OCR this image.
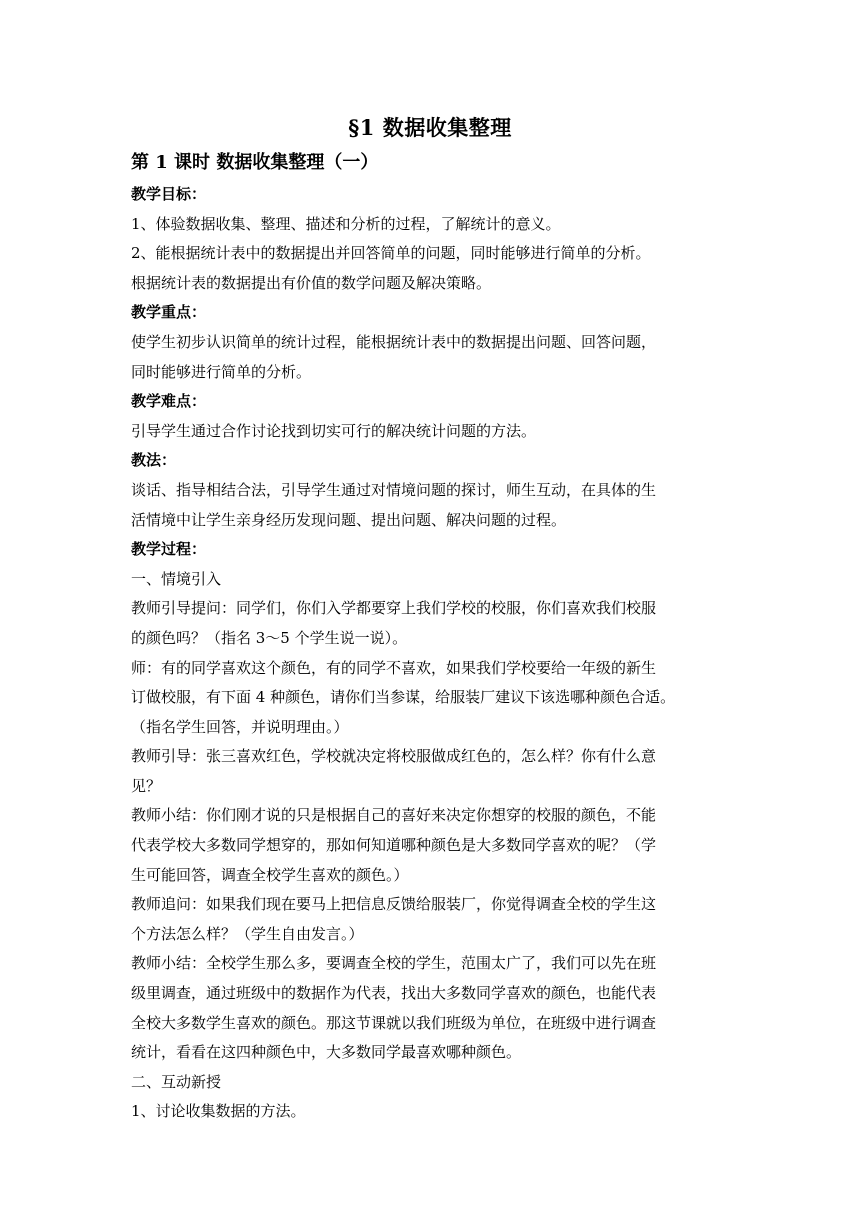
§1 数据收集整理
第 1 课时 数据收集整理（一）

教学目标：

1、体验数据收集、整理、描述和分析的过程，了解统计的意义。

2、能根据统计表中的数据提出并回答简单的问题，同时能够进行简单的分析。

根据统计表的数据提出有价值的数学问题及解决策略。

教学重点：

使学生初步认识简单的统计过程，能根据统计表中的数据提出问题、回答问题，

同时能够进行简单的分析。

教学难点：

引导学生通过合作讨论找到切实可行的解决统计问题的方法。

教法：

谈话、指导相结合法，引导学生通过对情境问题的探讨，师生互动，在具体的生

活情境中让学生亲身经历发现问题、提出问题、解决问题的过程。

教学过程：

一、情境引入

教师引导提问：同学们，你们入学都要穿上我们学校的校服，你们喜欢我们校服

的颜色吗？（指名 3～5 个学生说一说）。

师：有的同学喜欢这个颜色，有的同学不喜欢，如果我们学校要给一年级的新生

订做校服，有下面 4 种颜色，请你们当参谋，给服装厂建议下该选哪种颜色合适。

（指名学生回答，并说明理由。）

教师引导：张三喜欢红色，学校就决定将校服做成红色的，怎么样？你有什么意

见？

教师小结：你们刚才说的只是根据自己的喜好来决定你想穿的校服的颜色，不能

代表学校大多数同学想穿的，那如何知道哪种颜色是大多数同学喜欢的呢？（学

生可能回答，调查全校学生喜欢的颜色。）

教师追问：如果我们现在要马上把信息反馈给服装厂，你觉得调查全校的学生这

个方法怎么样？（学生自由发言。）

教师小结：全校学生那么多，要调查全校的学生，范围太广了，我们可以先在班

级里调查，通过班级中的数据作为代表，找出大多数同学喜欢的颜色，也能代表

全校大多数学生喜欢的颜色。那这节课就以我们班级为单位，在班级中进行调查

统计，看看在这四种颜色中，大多数同学最喜欢哪种颜色。

二、互动新授

1、讨论收集数据的方法。
